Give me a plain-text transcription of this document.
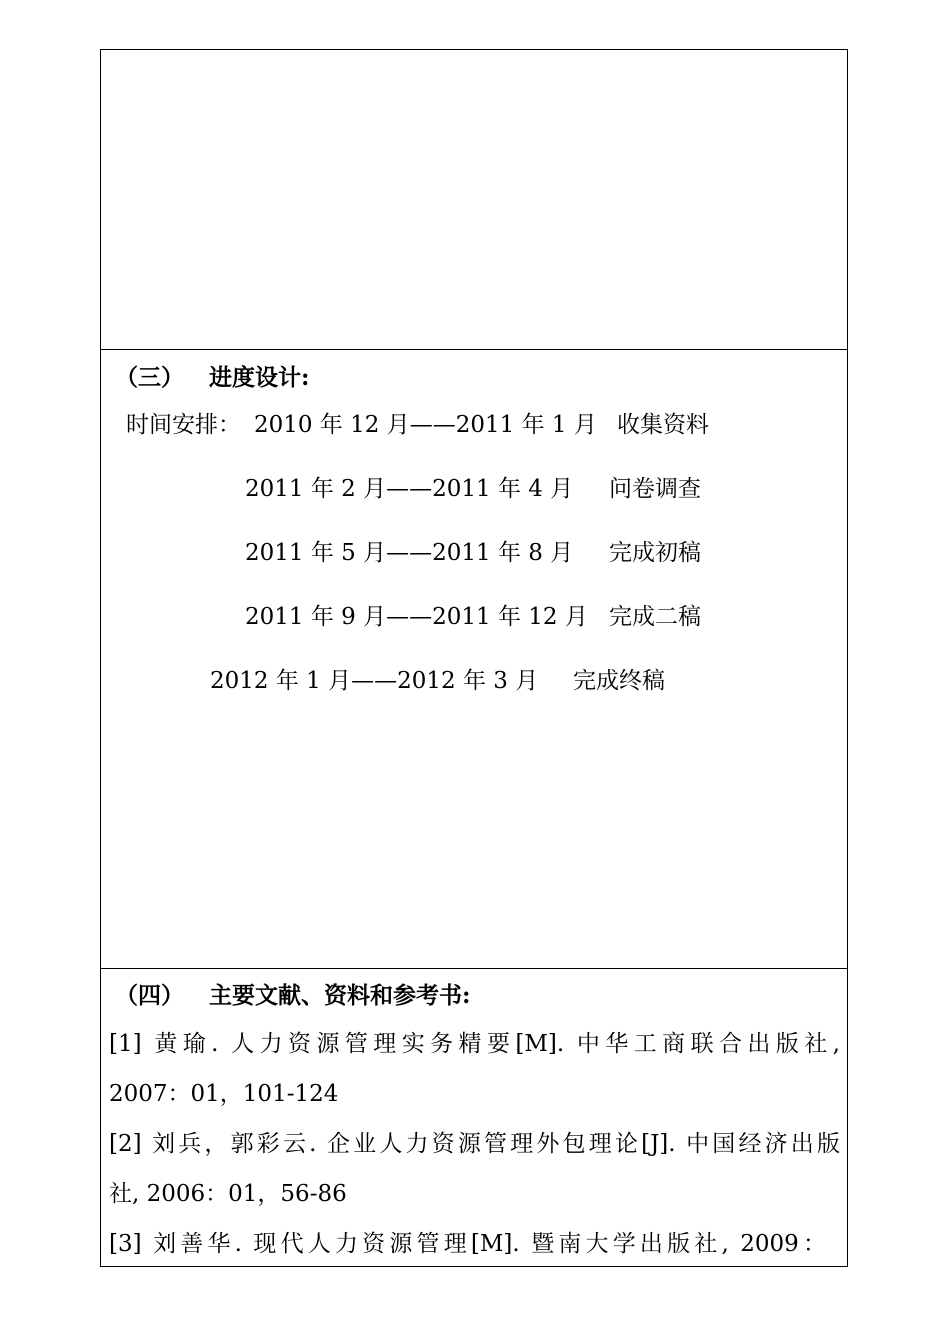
（三） 进度设计:
时间安排： 2010 年 12 月——2011 年 1 月 收集资料
2011 年 2 月——2011 年 4 月 问卷调查
2011 年 5 月——2011 年 8 月 完成初稿
2011 年 9 月——2011 年 12 月 完成二稿
2012 年 1 月——2012 年 3 月 完成终稿
（四） 主要文献、资料和参考书:
[1] 黄瑜. 人力资源管理实务精要[M]. 中华工商联合出版社,
2007：01，101-124
[2] 刘兵，郭彩云. 企业人力资源管理外包理论[J]. 中国经济出版
社, 2006：01，56-86
[3] 刘善华. 现代人力资源管理[M]. 暨南大学出版社, 2009：
